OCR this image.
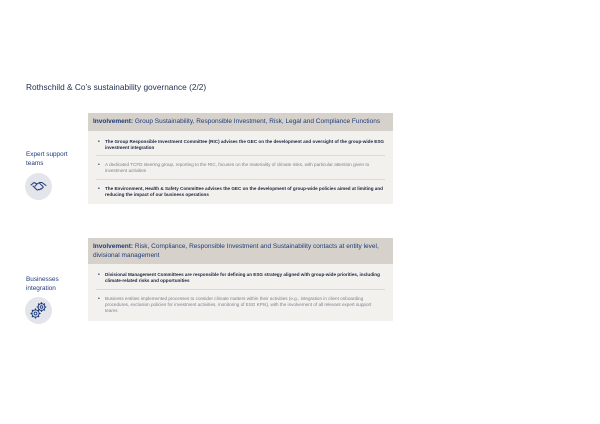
Rothschild & Co’s sustainability governance (2/2)
Expert support teams
Involvement: Group Sustainability, Responsible Investment, Risk, Legal and Compliance Functions
• The Group Responsible Investment Committee (RIC) advises the GEC on the development and oversight of the group-wide ESG investment integration
• A dedicated TCFD steering group, reporting to the RIC, focuses on the materiality of climate risks, with particular attention given to investment activities
• The Environment, Health & Safety Committee advises the GEC on the development of group-wide policies aimed at limiting and reducing the impact of our business operations
Businesses integration
Involvement: Risk, Compliance, Responsible Investment and Sustainability contacts at entity level, divisional management
• Divisional Management Committees are responsible for defining an ESG strategy aligned with group-wide priorities, including climate-related risks and opportunities
• Business entities implemented processes to consider climate matters within their activities (e.g., integration in client onboarding procedures, exclusion policies for investment activities, monitoring of ESG KPIs), with the involvement of all relevant expert support teams
